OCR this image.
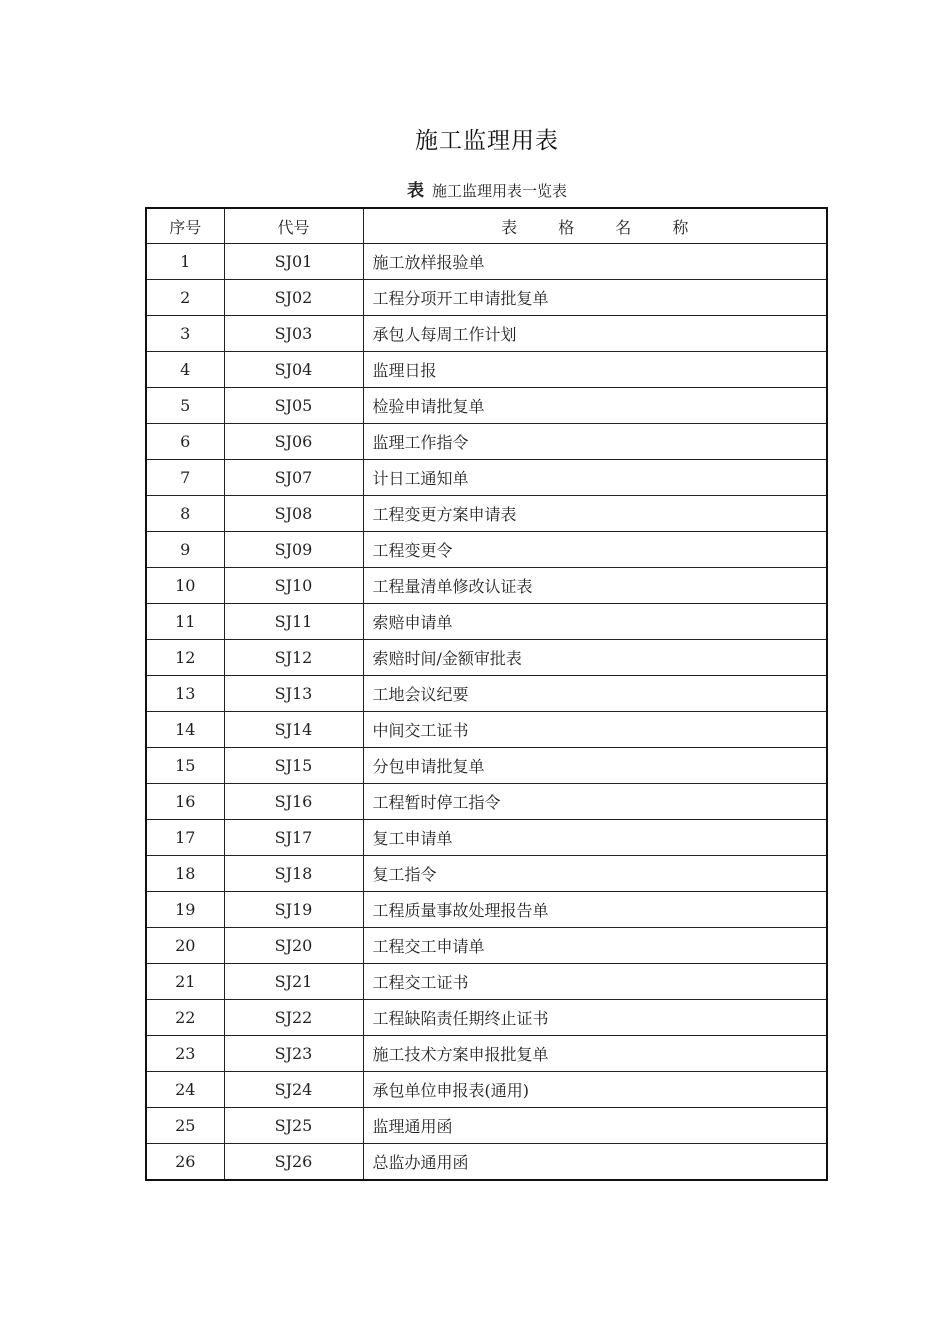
施工监理用表
表 施工监理用表一览表
序号	代号	表 格 名 称
1	SJ01	施工放样报验单
2	SJ02	工程分项开工申请批复单
3	SJ03	承包人每周工作计划
4	SJ04	监理日报
5	SJ05	检验申请批复单
6	SJ06	监理工作指令
7	SJ07	计日工通知单
8	SJ08	工程变更方案申请表
9	SJ09	工程变更令
10	SJ10	工程量清单修改认证表
11	SJ11	索赔申请单
12	SJ12	索赔时间/金额审批表
13	SJ13	工地会议纪要
14	SJ14	中间交工证书
15	SJ15	分包申请批复单
16	SJ16	工程暂时停工指令
17	SJ17	复工申请单
18	SJ18	复工指令
19	SJ19	工程质量事故处理报告单
20	SJ20	工程交工申请单
21	SJ21	工程交工证书
22	SJ22	工程缺陷责任期终止证书
23	SJ23	施工技术方案申报批复单
24	SJ24	承包单位申报表(通用)
25	SJ25	监理通用函
26	SJ26	总监办通用函
